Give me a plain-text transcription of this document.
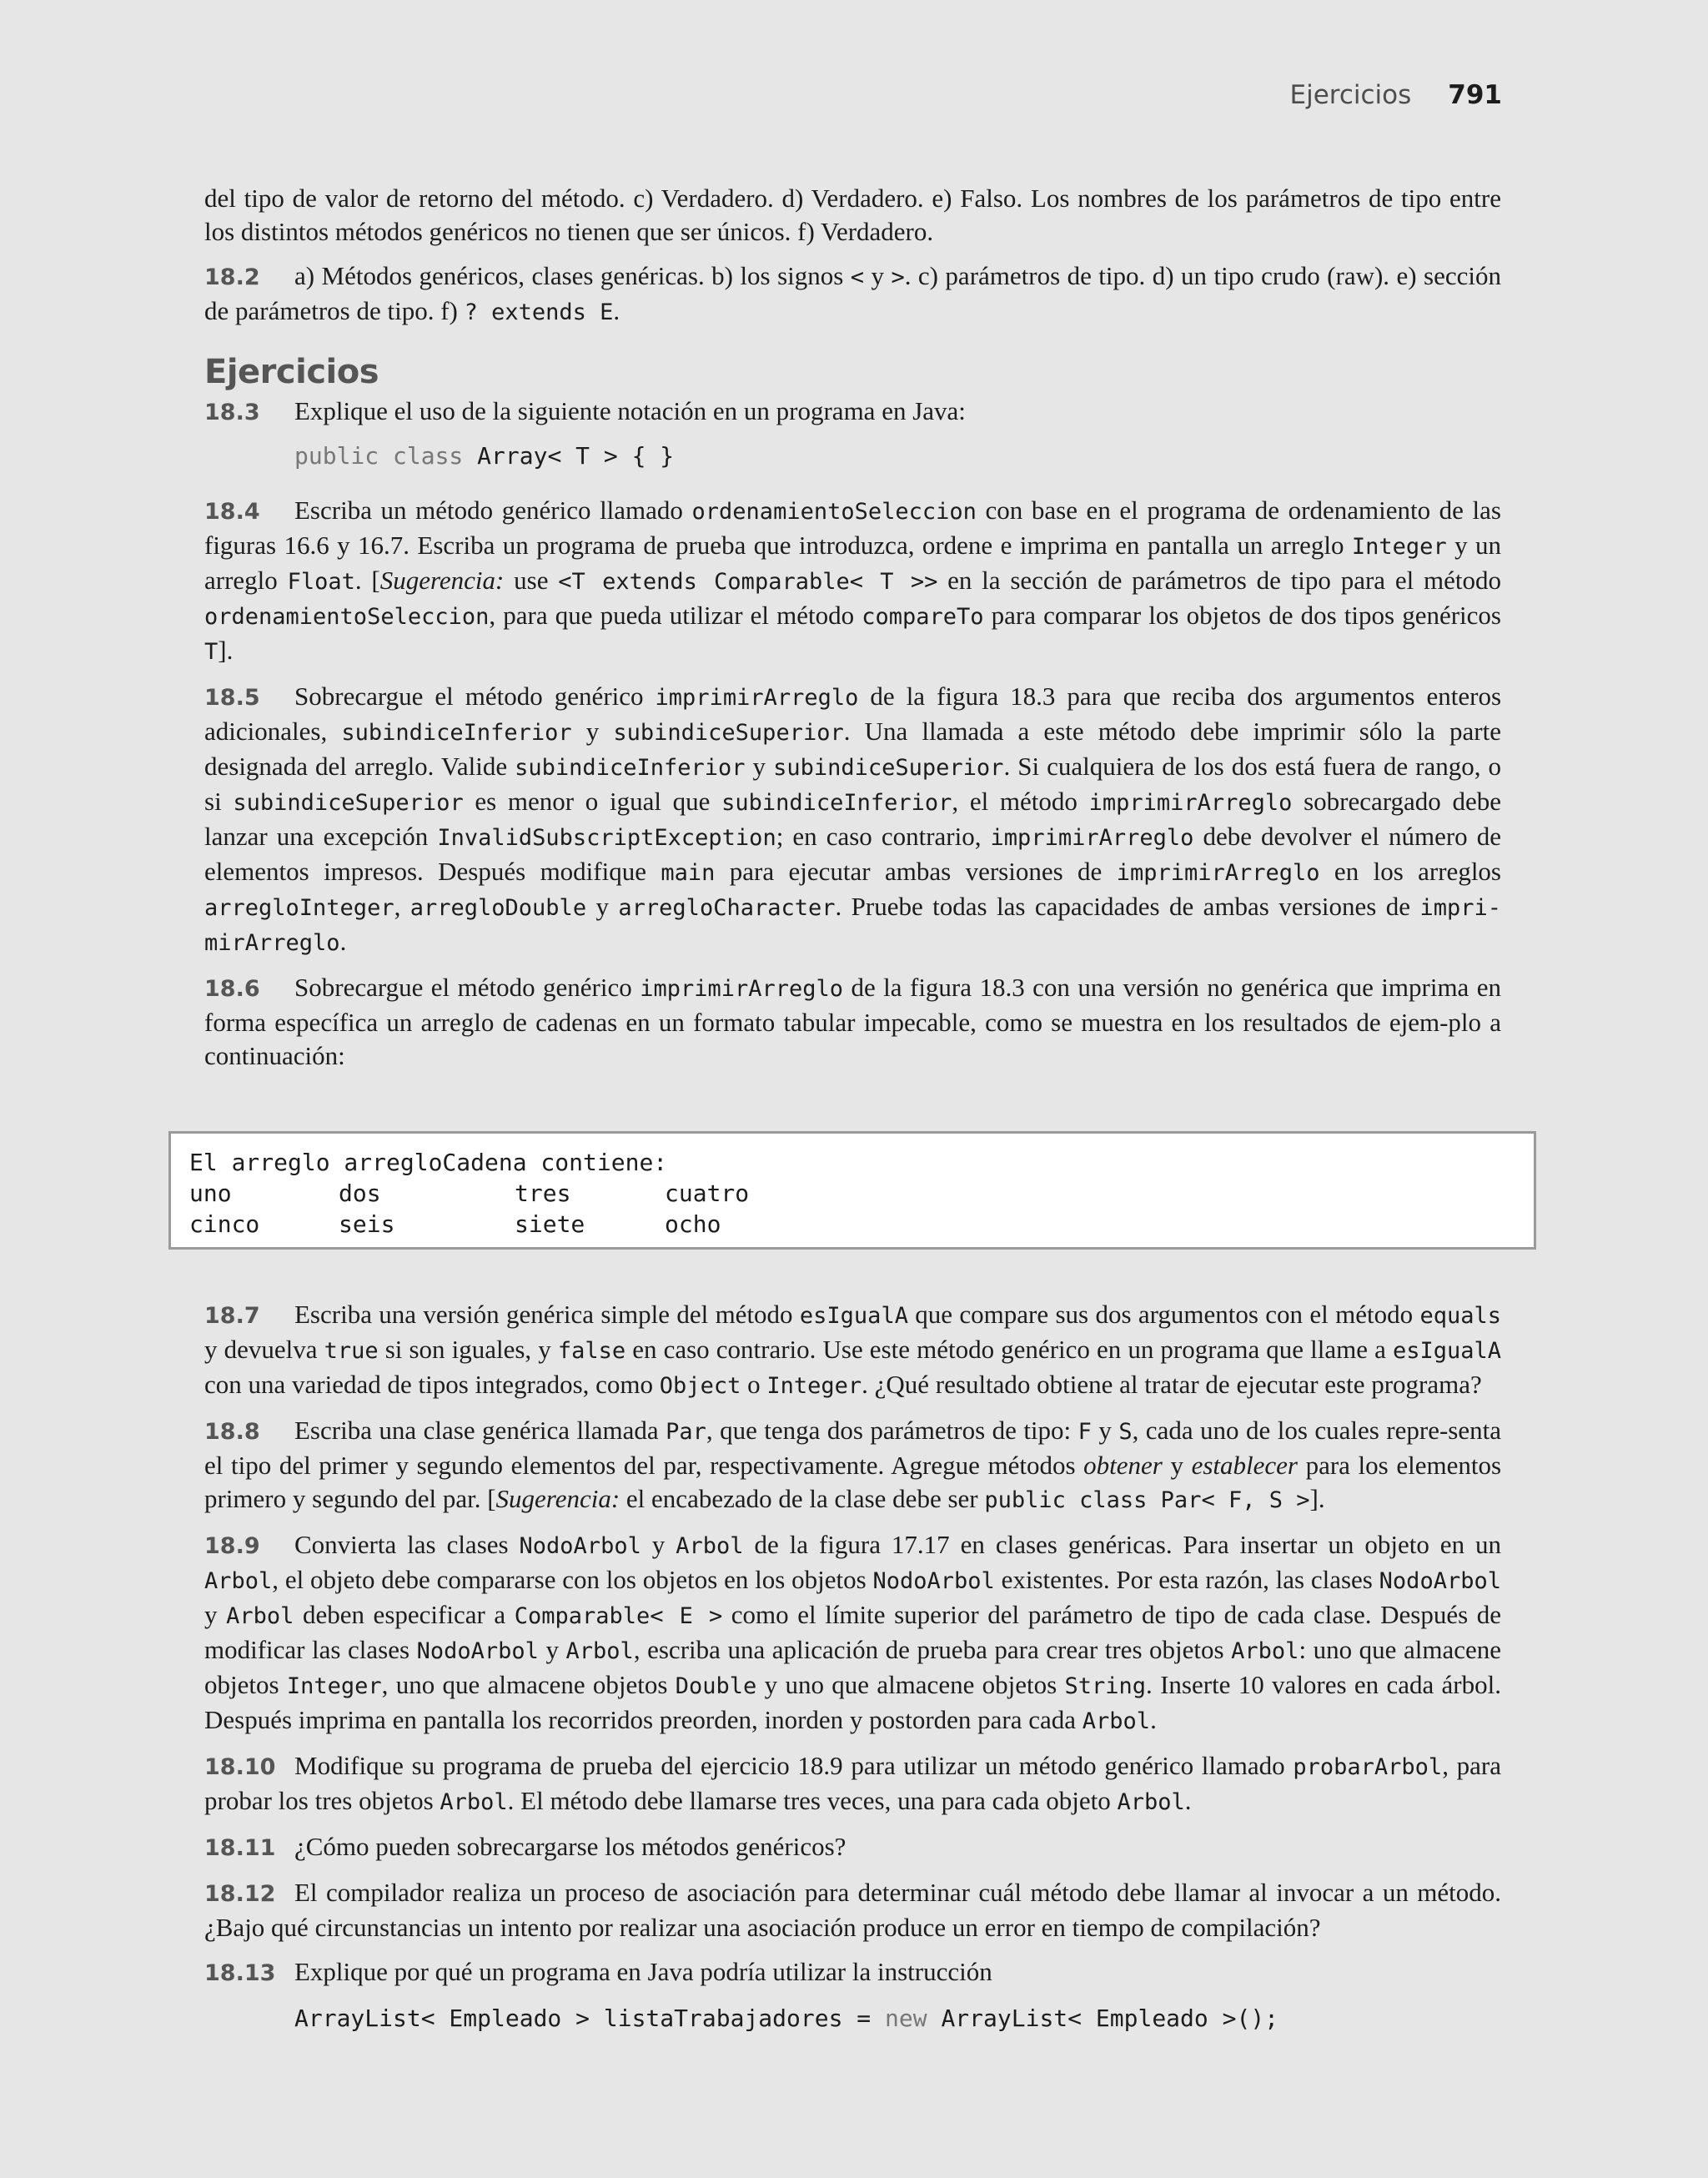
Ejercicios 791

del tipo de valor de retorno del método. c) Verdadero. d) Verdadero. e) Falso. Los nombres de los parámetros de tipo entre los distintos métodos genéricos no tienen que ser únicos. f) Verdadero.

18.2 a) Métodos genéricos, clases genéricas. b) los signos < y >. c) parámetros de tipo. d) un tipo crudo (raw). e) sección de parámetros de tipo. f) ? extends E.

Ejercicios

18.3 Explique el uso de la siguiente notación en un programa en Java:

public class Array< T > { }

18.4 Escriba un método genérico llamado ordenamientoSeleccion con base en el programa de ordenamiento de las figuras 16.6 y 16.7. Escriba un programa de prueba que introduzca, ordene e imprima en pantalla un arreglo Integer y un arreglo Float. [Sugerencia: use <T extends Comparable< T >> en la sección de parámetros de tipo para el método ordenamientoSeleccion, para que pueda utilizar el método compareTo para comparar los objetos de dos tipos genéricos T].

18.5 Sobrecargue el método genérico imprimirArreglo de la figura 18.3 para que reciba dos argumentos enteros adicionales, subindiceInferior y subindiceSuperior. Una llamada a este método debe imprimir sólo la parte designada del arreglo. Valide subindiceInferior y subindiceSuperior. Si cualquiera de los dos está fuera de rango, o si subindiceSuperior es menor o igual que subindiceInferior, el método imprimirArreglo sobrecargado debe lanzar una excepción InvalidSubscriptException; en caso contrario, imprimirArreglo debe devolver el número de elementos impresos. Después modifique main para ejecutar ambas versiones de imprimirArreglo en los arreglos arregloInteger, arregloDouble y arregloCharacter. Pruebe todas las capacidades de ambas versiones de impri-mirArreglo.

18.6 Sobrecargue el método genérico imprimirArreglo de la figura 18.3 con una versión no genérica que imprima en forma específica un arreglo de cadenas en un formato tabular impecable, como se muestra en los resultados de ejem-plo a continuación:

El arreglo arregloCadena contiene:
uno	dos	tres	cuatro
cinco	seis	siete	ocho

18.7 Escriba una versión genérica simple del método esIgualA que compare sus dos argumentos con el método equals y devuelva true si son iguales, y false en caso contrario. Use este método genérico en un programa que llame a esIgualA con una variedad de tipos integrados, como Object o Integer. ¿Qué resultado obtiene al tratar de ejecutar este programa?

18.8 Escriba una clase genérica llamada Par, que tenga dos parámetros de tipo: F y S, cada uno de los cuales repre-senta el tipo del primer y segundo elementos del par, respectivamente. Agregue métodos obtener y establecer para los elementos primero y segundo del par. [Sugerencia: el encabezado de la clase debe ser public class Par< F, S >].

18.9 Convierta las clases NodoArbol y Arbol de la figura 17.17 en clases genéricas. Para insertar un objeto en un Arbol, el objeto debe compararse con los objetos en los objetos NodoArbol existentes. Por esta razón, las clases NodoArbol y Arbol deben especificar a Comparable< E > como el límite superior del parámetro de tipo de cada clase. Después de modificar las clases NodoArbol y Arbol, escriba una aplicación de prueba para crear tres objetos Arbol: uno que almacene objetos Integer, uno que almacene objetos Double y uno que almacene objetos String. Inserte 10 valores en cada árbol. Después imprima en pantalla los recorridos preorden, inorden y postorden para cada Arbol.

18.10 Modifique su programa de prueba del ejercicio 18.9 para utilizar un método genérico llamado probarArbol, para probar los tres objetos Arbol. El método debe llamarse tres veces, una para cada objeto Arbol.

18.11 ¿Cómo pueden sobrecargarse los métodos genéricos?

18.12 El compilador realiza un proceso de asociación para determinar cuál método debe llamar al invocar a un método. ¿Bajo qué circunstancias un intento por realizar una asociación produce un error en tiempo de compilación?

18.13 Explique por qué un programa en Java podría utilizar la instrucción

ArrayList< Empleado > listaTrabajadores = new ArrayList< Empleado >();
